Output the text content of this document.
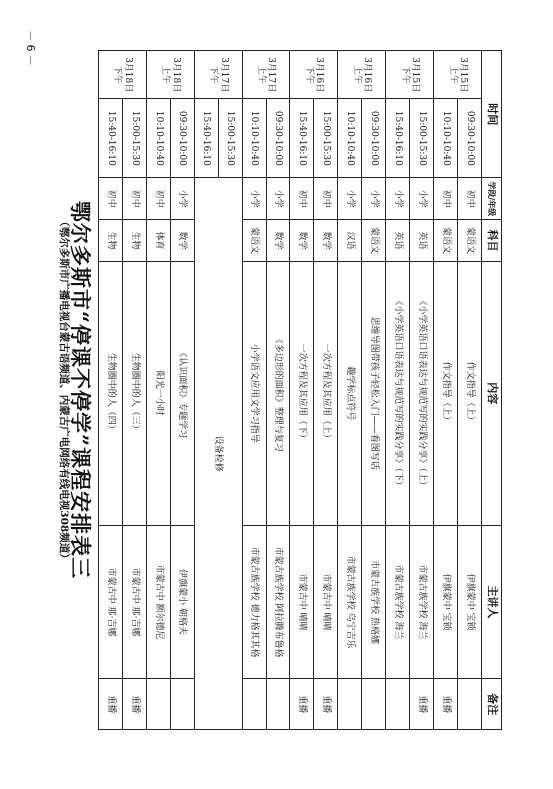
鄂尔多斯市“停课不停学”课程安排表三
（鄂尔多斯市广播电视台蒙古语频道、内蒙古广电网络有线电视308频道）
时间		学段/年级	科目	内容	主讲人	备注
3月15日
上午	09:30-10:00	初中	蒙语文	作文指导（上）	伊旗蒙中 宝锁	
	10:10-10:40	初中	蒙语文	作文指导（上）	伊旗蒙中 宝锁	重播
3月15日
下午	15:00-15:30	小学	英语	《小学英语口语表达与规范写的实践分享》（上）	市蒙古族学校 海兰	重播
	15:40-16:10	小学	英语	《小学英语口语表达与规范写的实践分享》（下）	市蒙古族学校 海兰	
3月16日
上午	09:30-10:00	小学	蒙语文	思维导图带孩子轻松入门——看图写话	市蒙古族学校 热格娜	
	10:10-10:40	小学	汉语	趣学标点符号	市蒙古族学校 乌宁吉乐	
3月16日
下午	15:00-15:30	初中	数学	一次方程及其应用（上）	市蒙古中 晴晴	重播
	15:40-16:10	初中	数学	一次方程及其应用（下）	市蒙古中 晴晴	重播
3月17日
上午	09:30-10:00	小学	数学	《多边形的面积》整理与复习	市蒙古族学校 阿拉腾布鲁格	
	10:10-10:40	小学	蒙语文	小学语文应用文学习指导	市蒙古族学校 德力格其其格	
3月17日
下午	15:00-15:30	设备检修				
	15:40-16:10					
3月18日
上午	09:30-10:00	小学	数学	《认识面积》专题学习	伊旗蒙小 朝格夫	
	10:10-10:40	初中	体育	阳光一小时	市蒙古中 额尔德尼	
3月18日
下午	15:00-15:30	初中	生物	生物圈中的人（三）	市蒙古中 那·吉娜	重播
	15:40-16:10	初中	生物	生物圈中的人（四）	市蒙古中 那·吉娜	重播
－ 6 －
